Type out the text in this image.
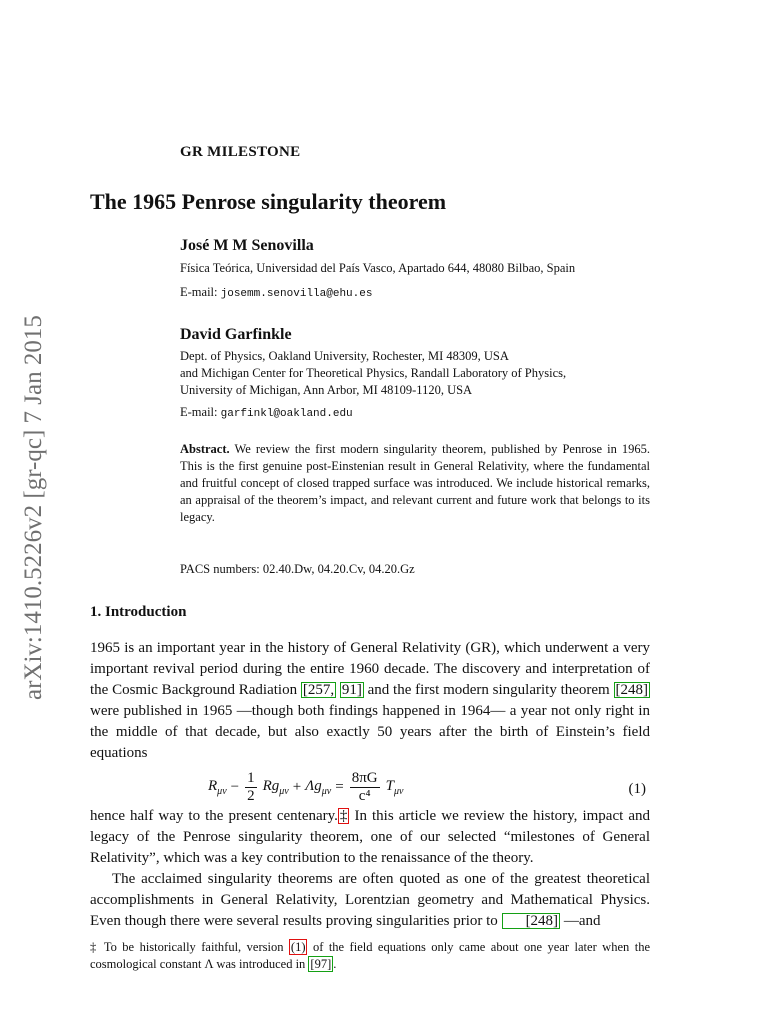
arXiv:1410.5226v2 [gr-qc] 7 Jan 2015
GR MILESTONE
The 1965 Penrose singularity theorem
José M M Senovilla
Física Teórica, Universidad del País Vasco, Apartado 644, 48080 Bilbao, Spain
E-mail: josemm.senovilla@ehu.es
David Garfinkle
Dept. of Physics, Oakland University, Rochester, MI 48309, USA
and Michigan Center for Theoretical Physics, Randall Laboratory of Physics,
University of Michigan, Ann Arbor, MI 48109-1120, USA
E-mail: garfinkl@oakland.edu
Abstract. We review the first modern singularity theorem, published by Penrose in 1965. This is the first genuine post-Einstenian result in General Relativity, where the fundamental and fruitful concept of closed trapped surface was introduced. We include historical remarks, an appraisal of the theorem’s impact, and relevant current and future work that belongs to its legacy.
PACS numbers: 02.40.Dw, 04.20.Cv, 04.20.Gz
1. Introduction

1965 is an important year in the history of General Relativity (GR), which underwent a very important revival period during the entire 1960 decade. The discovery and interpretation of the Cosmic Background Radiation [257, 91] and the first modern singularity theorem [248] were published in 1965 —though both findings happened in 1964— a year not only right in the middle of that decade, but also exactly 50 years after the birth of Einstein’s field equations

$R_{\mu\nu} - \frac{1}{2} Rg_{\mu\nu} + \Lambda g_{\mu\nu} = \frac{8\pi G}{\text{c⁴}} T_{\mu\nu}$	(1)

hence half way to the present centenary. ‡ In this article we review the history, impact and legacy of the Penrose singularity theorem, one of our selected “milestones of General Relativity”, which was a key contribution to the renaissance of the theory.

The acclaimed singularity theorems are often quoted as one of the greatest theoretical accomplishments in General Relativity, Lorentzian geometry and Mathematical Physics. Even though there were several results proving singularities prior to [248] —and

‡ To be historically faithful, version (1) of the field equations only came about one year later when the cosmological constant Λ was introduced in [97] .
